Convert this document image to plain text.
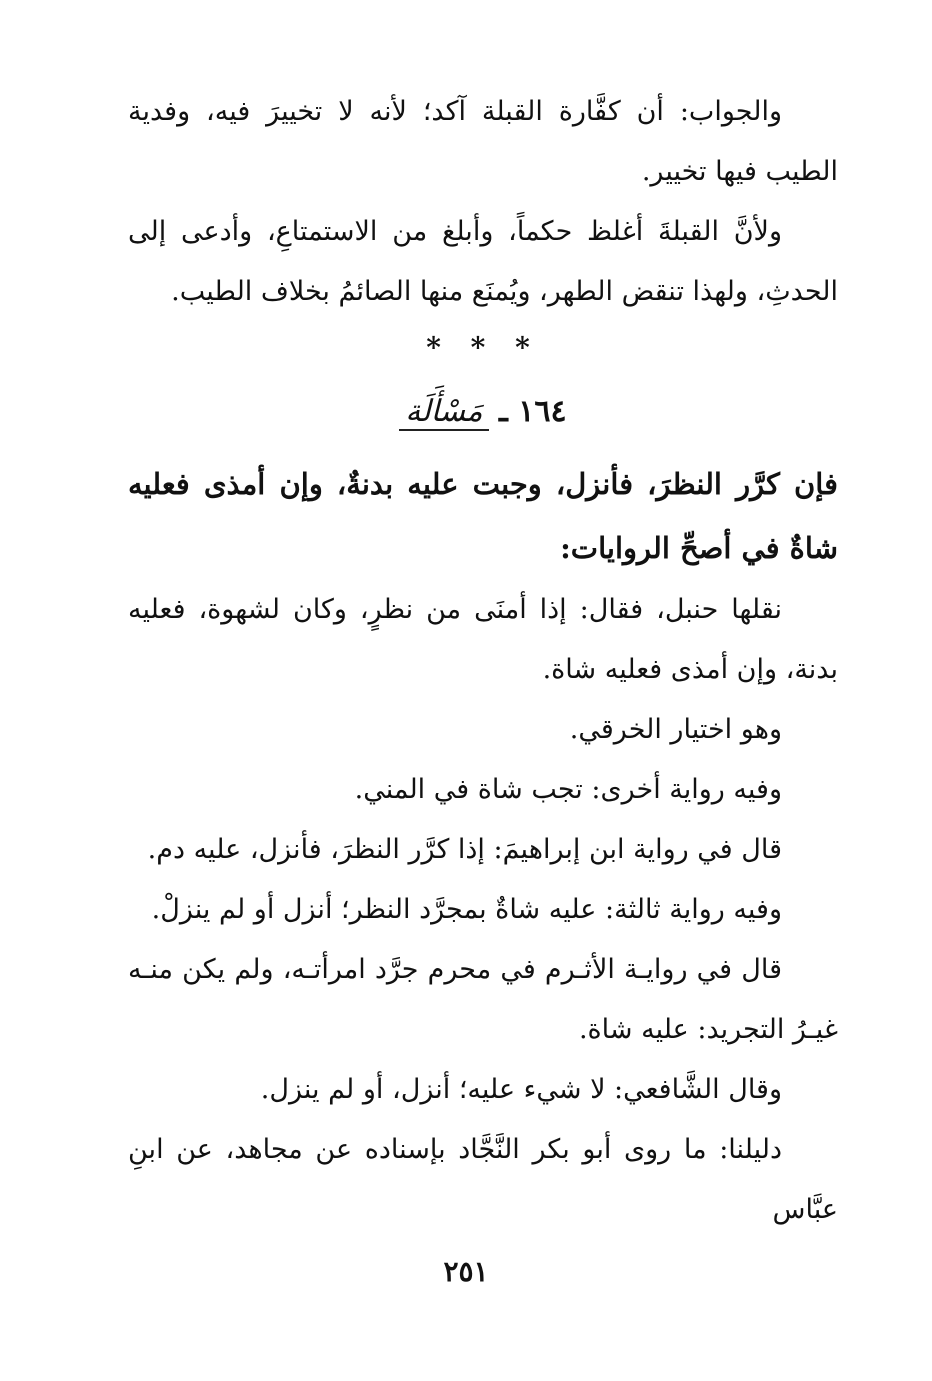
والجواب: أن كفَّارة القبلة آكد؛ لأنه لا تخييرَ فيه، وفدية الطيب فيها تخيير.

ولأنَّ القبلةَ أغلظ حكماً، وأبلغ من الاستمتاعِ، وأدعى إلى الحدثِ، ولهذا تنقض الطهر، ويُمنَع منها الصائمُ بخلاف الطيب.

* * *
١٦٤ ـ مَسْأَلَة

فإن كرَّر النظرَ، فأنزل، وجبت عليه بدنةٌ، وإن أمذى فعليه شاةٌ في أصحِّ الروايات:

نقلها حنبل، فقال: إذا أمنَى من نظرٍ، وكان لشهوة، فعليه بدنة، وإن أمذى فعليه شاة.

وهو اختيار الخرقي.

وفيه رواية أخرى: تجب شاة في المني.

قال في رواية ابن إبراهيمَ: إذا كرَّر النظرَ، فأنزل، عليه دم.

وفيه رواية ثالثة: عليه شاةٌ بمجرَّد النظر؛ أنزل أو لم ينزلْ.

قال في روايـة الأثـرم في محرم جرَّد امرأتـه، ولم يكن منـه غيـرُ التجريد: عليه شاة.

وقال الشَّافعي: لا شيء عليه؛ أنزل، أو لم ينزل.

دليلنا: ما روى أبو بكر النَّجَّاد بإسناده عن مجاهد، عن ابنِ عبَّاس

٢٥١
